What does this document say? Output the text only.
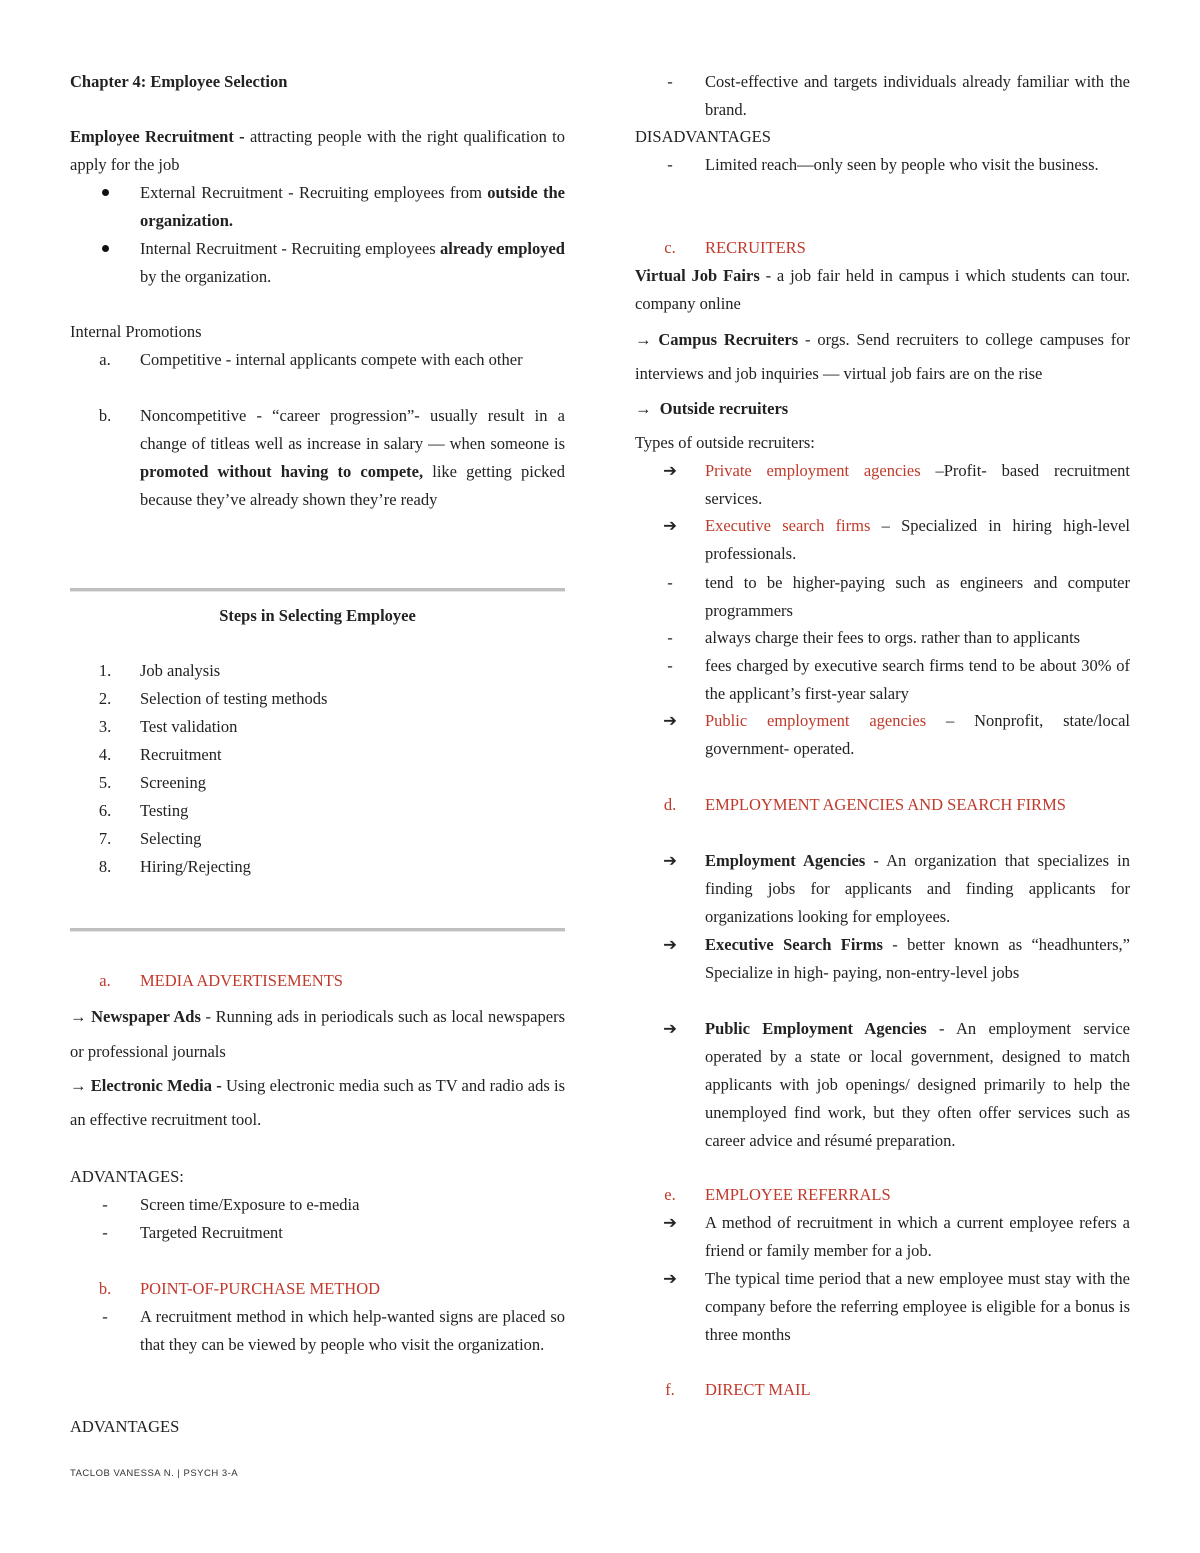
Chapter 4: Employee Selection

Employee Recruitment - attracting people with the right qualification to apply for the job

External Recruitment - Recruiting employees from outside the organization.
Internal Recruitment - Recruiting employees already employed by the organization.

Internal Promotions

a.	Competitive - internal applicants compete with each other
b.	Noncompetitive - “career progression”- usually result in a change of titleas well as increase in salary — when someone is promoted without having to compete, like getting picked because they’ve already shown they’re ready

Steps in Selecting Employee

1.	Job analysis
2.	Selection of testing methods
3.	Test validation
4.	Recruitment
5.	Screening
6.	Testing
7.	Selecting
8.	Hiring/Rejecting
a.	MEDIA ADVERTISEMENTS

→ Newspaper Ads - Running ads in periodicals such as local newspapers or professional journals

→ Electronic Media - Using electronic media such as TV and radio ads is an effective recruitment tool.

ADVANTAGES:

-	Screen time/Exposure to e-media
-	Targeted Recruitment
b.	POINT-OF-PURCHASE METHOD
-	A recruitment method in which help-wanted signs are placed so that they can be viewed by people who visit the organization.

ADVANTAGES

TACLOB VANESSA N. | PSYCH 3-A
-	Cost-effective and targets individuals already familiar with the brand.

DISADVANTAGES

-	Limited reach—only seen by people who visit the business.
c.	RECRUITERS

Virtual Job Fairs - a job fair held in campus i which students can tour. company online

→ Campus Recruiters - orgs. Send recruiters to college campuses for interviews and job inquiries — virtual job fairs are on the rise

→ Outside recruiters

Types of outside recruiters:

➔	Private employment agencies –Profit- based recruitment services.
➔	Executive search firms – Specialized in hiring high-level professionals.
-	tend to be higher-paying such as engineers and computer programmers
-	always charge their fees to orgs. rather than to applicants
-	fees charged by executive search firms tend to be about 30% of the applicant’s first-year salary
➔	Public employment agencies – Nonprofit, state/local government- operated.
d.	EMPLOYMENT AGENCIES AND SEARCH FIRMS
➔	Employment Agencies - An organization that specializes in finding jobs for applicants and finding applicants for organizations looking for employees.
➔	Executive Search Firms - better known as “headhunters,” Specialize in high- paying, non-entry-level jobs
➔	Public Employment Agencies - An employment service operated by a state or local government, designed to match applicants with job openings/ designed primarily to help the unemployed find work, but they often offer services such as career advice and résumé preparation.
e.	EMPLOYEE REFERRALS
➔	A method of recruitment in which a current employee refers a friend or family member for a job.
➔	The typical time period that a new employee must stay with the company before the referring employee is eligible for a bonus is three months
f.	DIRECT MAIL
